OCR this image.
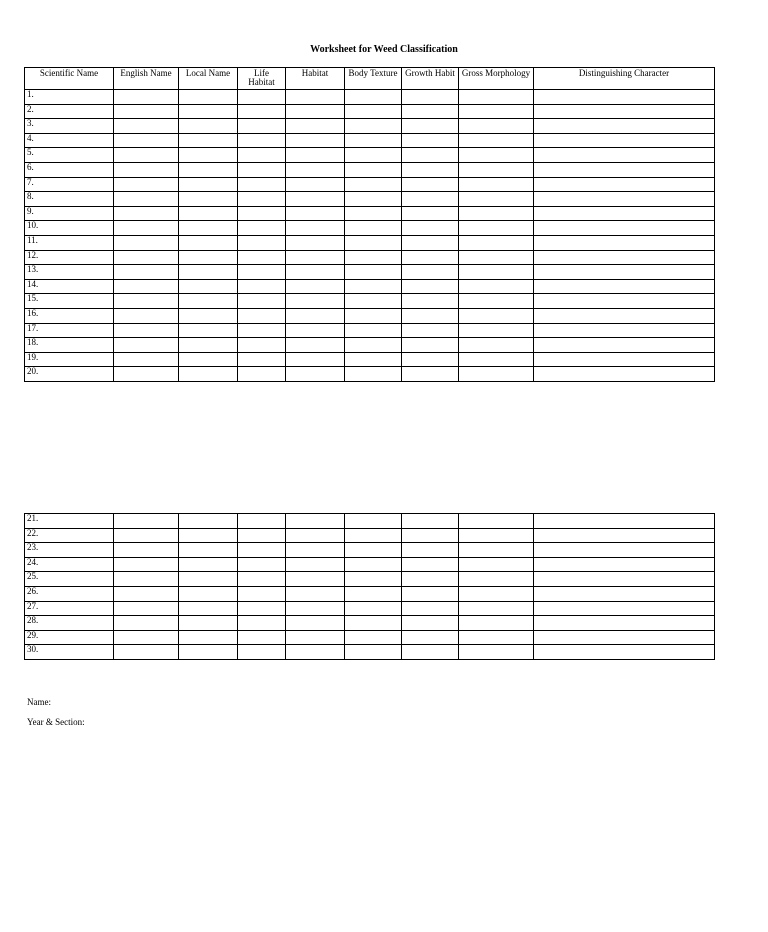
Worksheet for Weed Classification
Scientific Name	English Name	Local Name	Life Habitat	Habitat	Body Texture	Growth Habit	Gross Morphology	Distinguishing Character
1.								
2.								
3.								
4.								
5.								
6.								
7.								
8.								
9.								
10.								
11.								
12.								
13.								
14.								
15.								
16.								
17.								
18.								
19.								
20.								
21.								
22.								
23.								
24.								
25.								
26.								
27.								
28.								
29.								
30.								
Name:
Year & Section:
